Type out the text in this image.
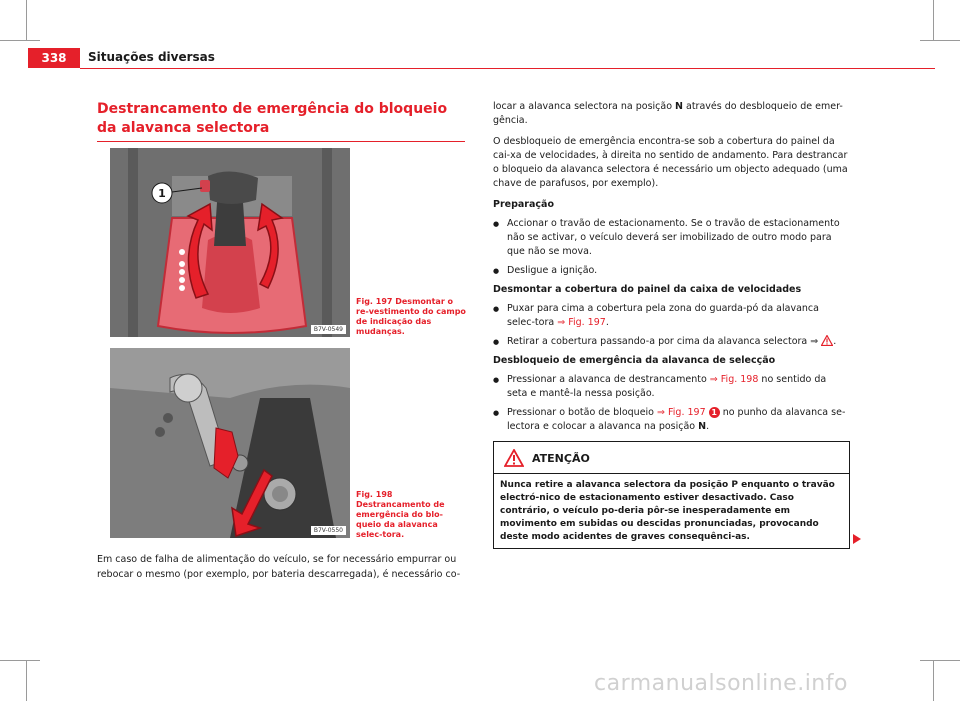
338	Situações diversas
Destrancamento de emergência do bloqueio da alavanca selectora
1
B7V-0549
Fig. 197 Desmontar o re-vestimento do campo de indicação das mudanças.
B7V-0550
Fig. 198 Destrancamento de emergência do blo-queio da alavanca selec-tora.

Em caso de falha de alimentação do veículo, se for necessário empurrar ou rebocar o mesmo (por exemplo, por bateria descarregada), é necessário co-

locar a alavanca selectora na posição N através do desbloqueio de emer-gência.

O desbloqueio de emergência encontra-se sob a cobertura do painel da cai-xa de velocidades, à direita no sentido de andamento. Para destrancar o bloqueio da alavanca selectora é necessário um objecto adequado (uma chave de parafusos, por exemplo).

Preparação

● Accionar o travão de estacionamento. Se o travão de estacionamento não se activar, o veículo deverá ser imobilizado de outro modo para que não se mova.

● Desligue a ignição.

Desmontar a cobertura do painel da caixa de velocidades

● Puxar para cima a cobertura pela zona do guarda-pó da alavanca selec-tora ⇒ Fig. 197.

● Retirar a cobertura passando-a por cima da alavanca selectora ⇒ .

Desbloqueio de emergência da alavanca de selecção

● Pressionar a alavanca de destrancamento ⇒ Fig. 198 no sentido da seta e mantê-la nessa posição.

● Pressionar o botão de bloqueio ⇒ Fig. 197 1 no punho da alavanca se-lectora e colocar a alavanca na posição N.

ATENÇÃO
Nunca retire a alavanca selectora da posição P enquanto o travão electró-nico de estacionamento estiver desactivado. Caso contrário, o veículo po-deria pôr-se inesperadamente em movimento em subidas ou descidas pronunciadas, provocando deste modo acidentes de graves consequênci-as.
carmanualsonline.info
